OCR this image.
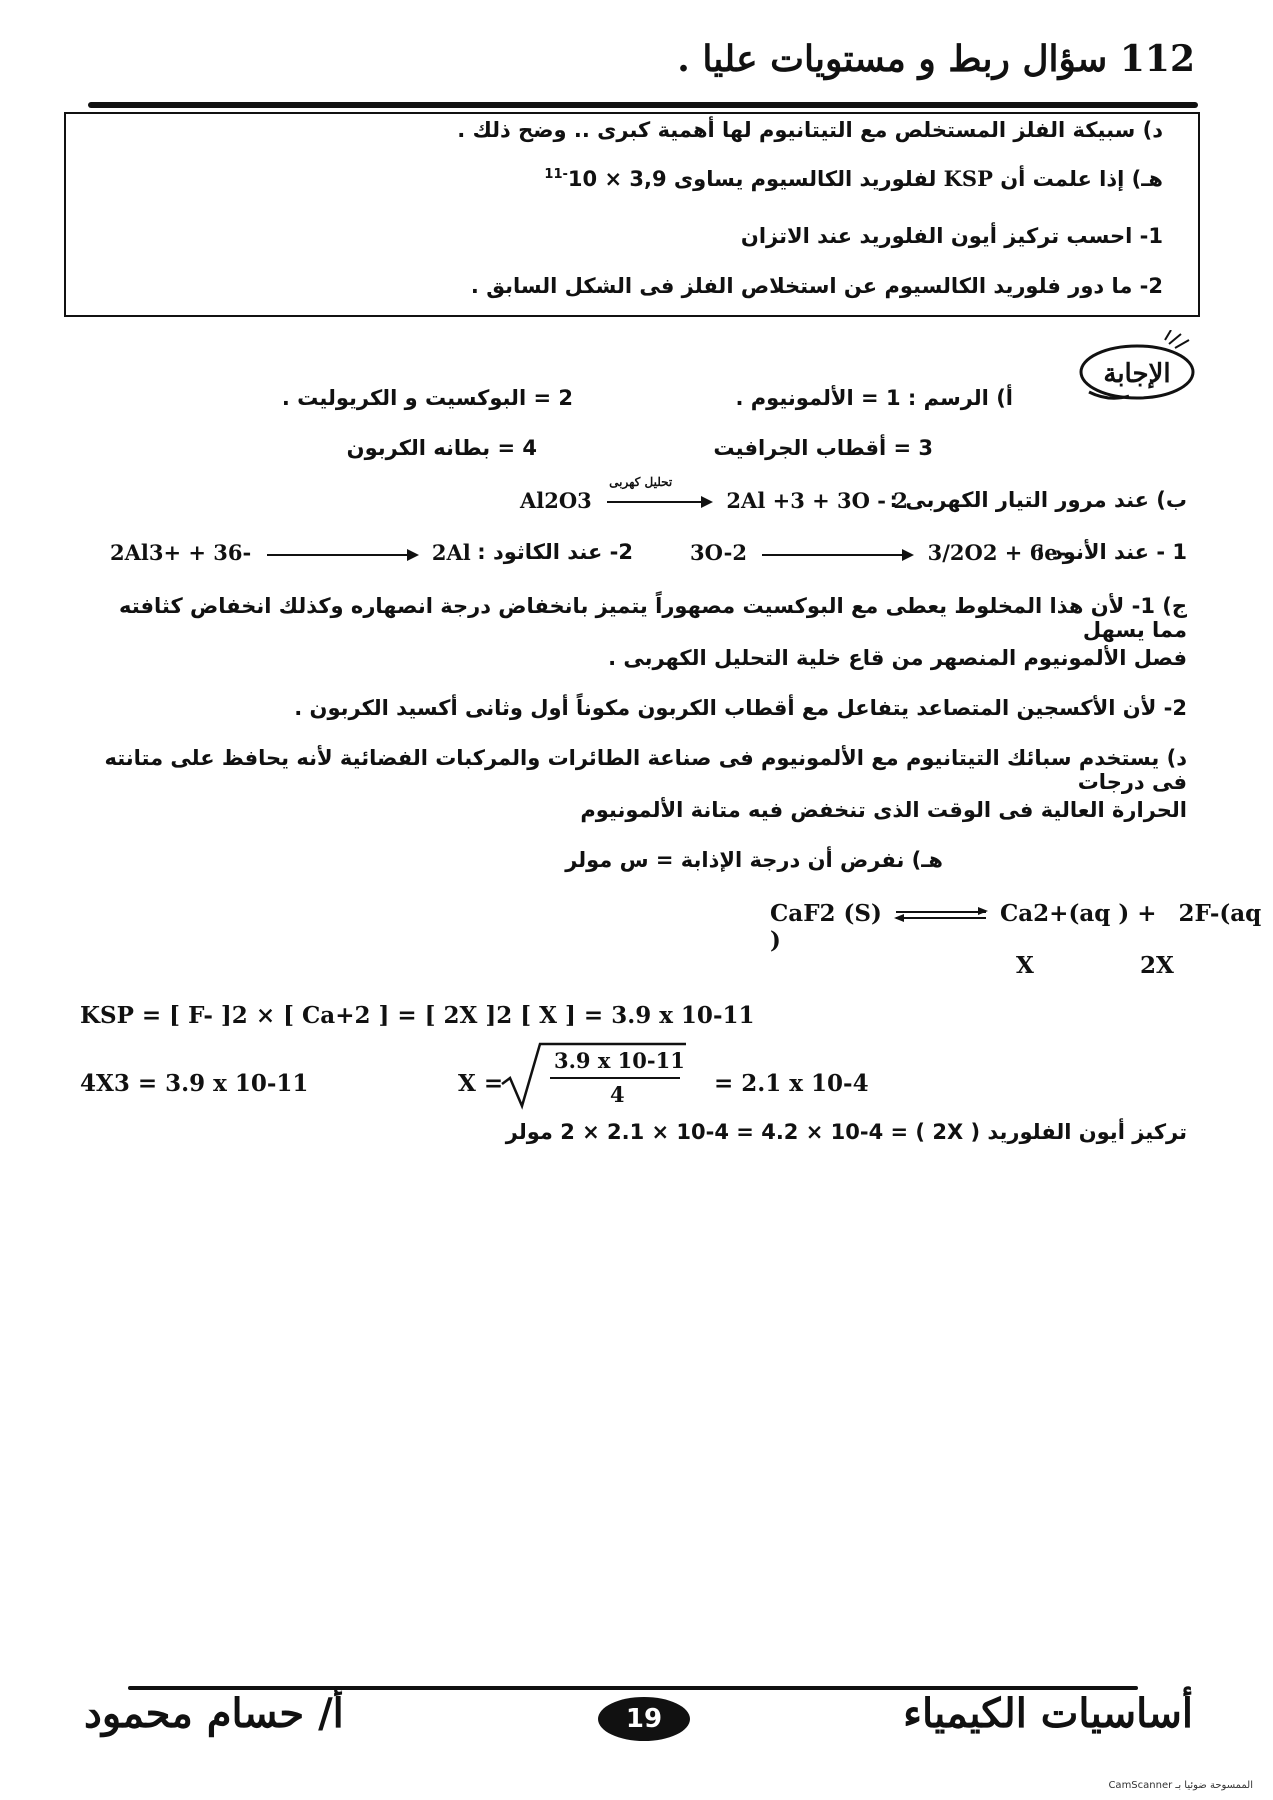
112 سؤال ربط و مستويات عليا .
د) سبيكة الفلز المستخلص مع التيتانيوم لها أهمية كبرى .. وضح ذلك .
هـ) إذا علمت أن KSP لفلوريد الكالسيوم يساوى $3,9 \times 10^{-11}$
1- احسب تركيز أيون الفلوريد عند الاتزان
2- ما دور فلوريد الكالسيوم عن استخلاص الفلز فى الشكل السابق .
الإجابة
أ) الرسم : 1 = الألمونيوم .
2 = البوكسيت و الكريوليت .
3 = أقطاب الجرافيت
4 = بطانه الكربون
ب) عند مرور التيار الكهربى :
Al2O3
تحليل كهربى
2Al +3 + 3O - 2
1 - عند الأنود :
3O-2	3/2O2 + 6e-
2- عند الكاثود :
2Al3+ + 36-	2Al
ج) 1- لأن هذا المخلوط يعطى مع البوكسيت مصهوراً يتميز بانخفاض درجة انصهاره وكذلك انخفاض كثافته مما يسهل
فصل الألمونيوم المنصهر من قاع خلية التحليل الكهربى .
2- لأن الأكسجين المتصاعد يتفاعل مع أقطاب الكربون مكوناً أول وثانى أكسيد الكربون .
د) يستخدم سبائك التيتانيوم مع الألمونيوم فى صناعة الطائرات والمركبات الفضائية لأنه يحافظ على متانته فى درجات
الحرارة العالية فى الوقت الذى تنخفض فيه متانة الألمونيوم
هـ) نفرض أن درجة الإذابة = س مولر
CaF2 (S)	Ca2+(aq ) + 2F-(aq )
X	2X
KSP = [ F- ]2 × [ Ca+2 ] = [ 2X ]2 [ X ] = 3.9 x 10-11
4X3 = 3.9 x 10-11	X =
3.9 x 10-11
4	= 2.1 x 10-4
تركيز أيون الفلوريد ( 2X ) = 2 × 2.1 × 10-4 = 4.2 × 10-4 مولر
أساسيات الكيمياء
19
أ/ حسام محمود
CamScanner الممسوحة ضوئيا بـ
